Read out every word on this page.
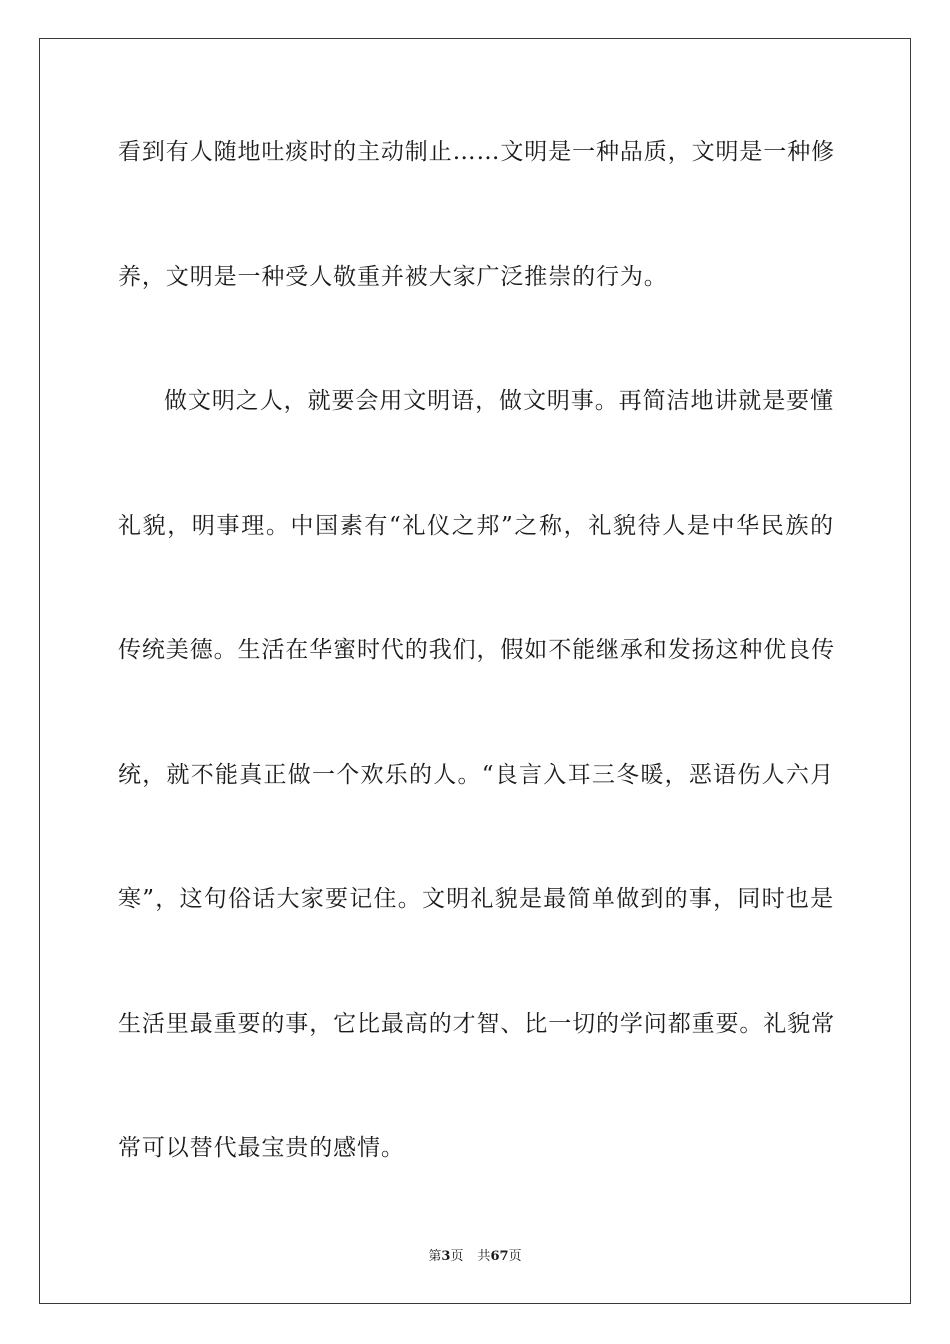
看到有人随地吐痰时的主动制止……文明是一种品质，文明是一种修
养，文明是一种受人敬重并被大家广泛推崇的行为。
做文明之人，就要会用文明语，做文明事。再简洁地讲就是要懂
礼貌，明事理。中国素有“礼仪之邦”之称，礼貌待人是中华民族的
传统美德。生活在华蜜时代的我们，假如不能继承和发扬这种优良传
统，就不能真正做一个欢乐的人。“良言入耳三冬暖，恶语伤人六月
寒”，这句俗话大家要记住。文明礼貌是最简单做到的事，同时也是
生活里最重要的事，它比最高的才智、比一切的学问都重要。礼貌常
常可以替代最宝贵的感情。
第3页 共67页
